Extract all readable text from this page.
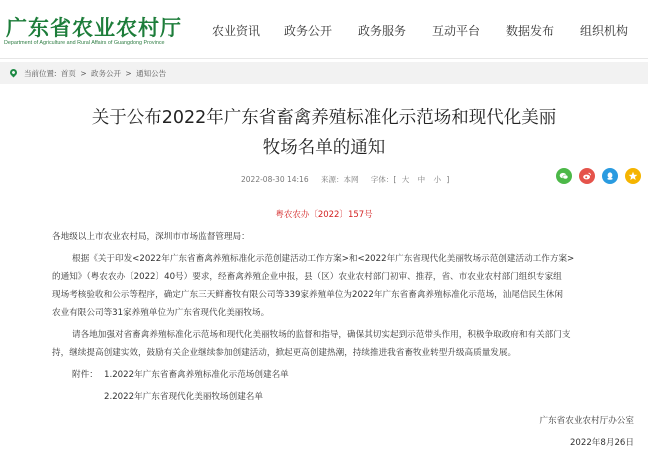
广东省农业农村厅
Department of Agriculture and Rural Affairs of Guangdong Province
农业资讯 政务公开 政务服务 互动平台 数据发布 组织机构
当前位置: 首页 > 政务公开 > 通知公告
关于公布2022年广东省畜禽养殖标准化示范场和现代化美丽
牧场名单的通知
2022-08-30 14:16 来源：本网 字体：[ 大 中 小 ]
粤农农办〔2022〕157号
各地级以上市农业农村局，深圳市市场监督管理局：
根据《关于印发<2022年广东省畜禽养殖标准化示范创建活动工作方案>和<2022年广东省现代化美丽牧场示范创建活动工作方案>
的通知》（粤农农办〔2022〕40号）要求，经畜禽养殖企业申报，县（区）农业农村部门初审、推荐，省、市农业农村部门组织专家组
现场考核验收和公示等程序，确定广东三天鲜畜牧有限公司等339家养殖单位为2022年广东省畜禽养殖标准化示范场，汕尾信民生休闲
农业有限公司等31家养殖单位为广东省现代化美丽牧场。
请各地加强对省畜禽养殖标准化示范场和现代化美丽牧场的监督和指导，确保其切实起到示范带头作用，积极争取政府和有关部门支
持，继续提高创建实效，鼓励有关企业继续参加创建活动，掀起更高创建热潮，持续推进我省畜牧业转型升级高质量发展。
附件： 1.2022年广东省畜禽养殖标准化示范场创建名单
2.2022年广东省现代化美丽牧场创建名单
广东省农业农村厅办公室
2022年8月26日
